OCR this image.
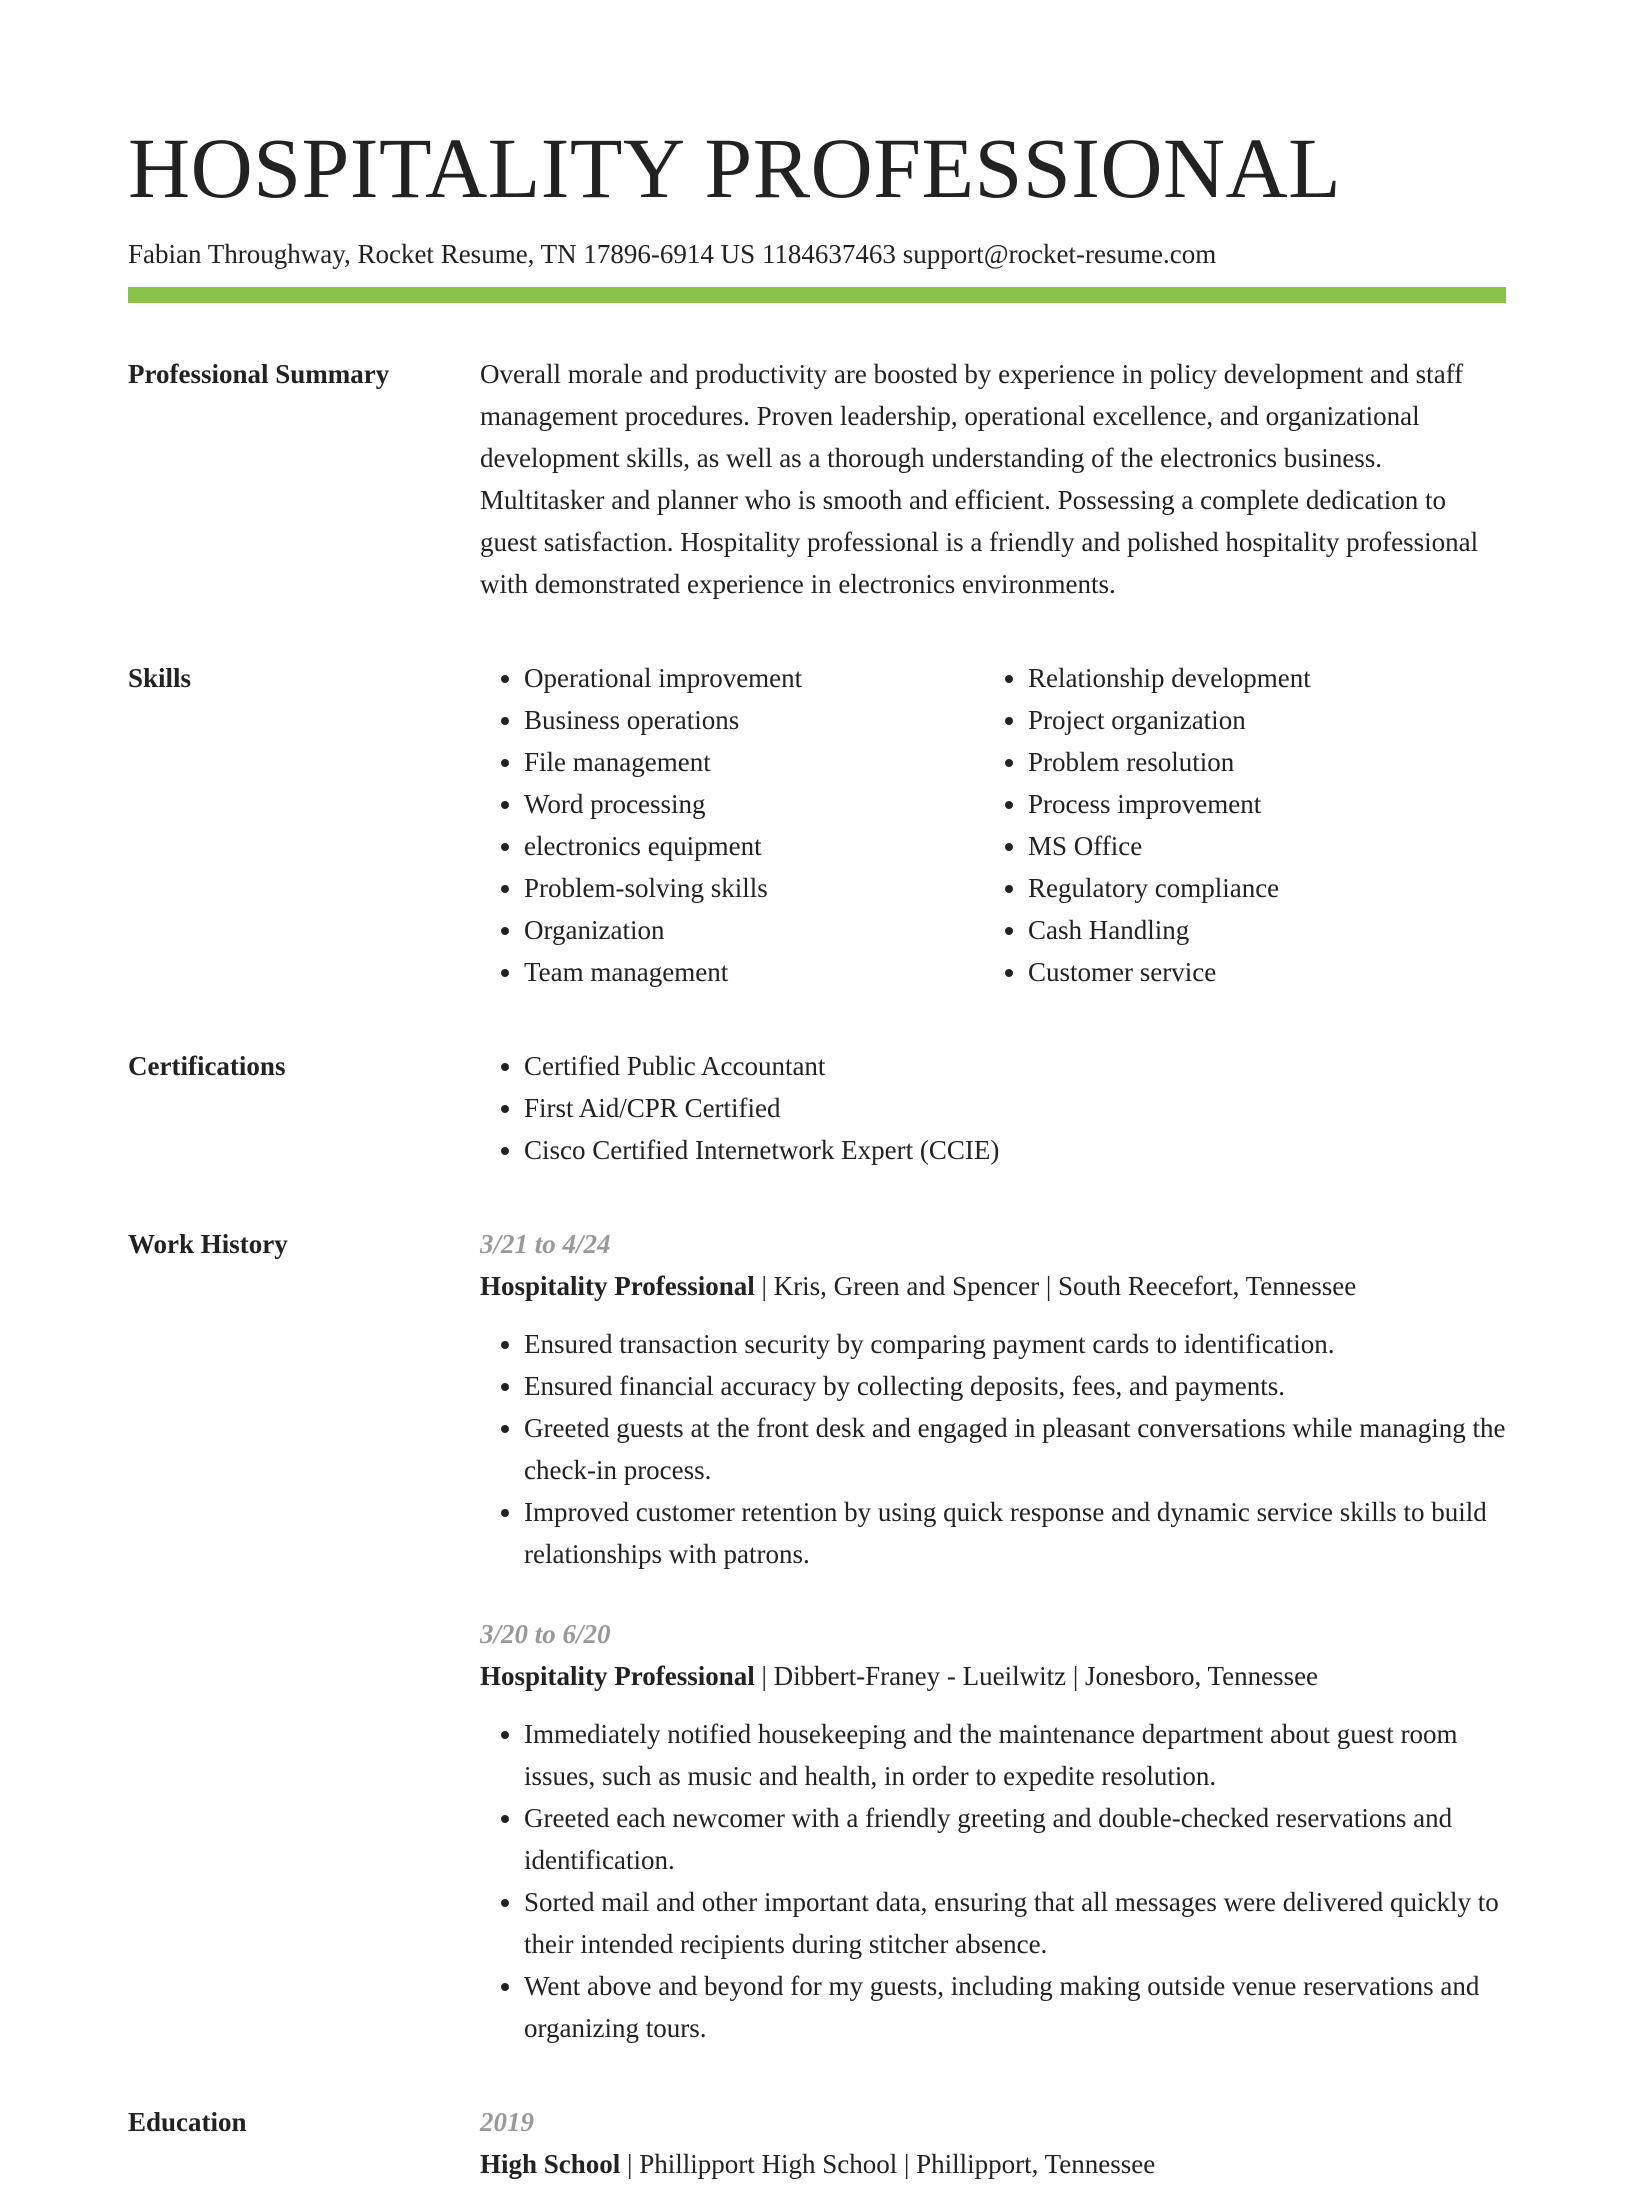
HOSPITALITY PROFESSIONAL
Fabian Throughway, Rocket Resume, TN 17896-6914 US 1184637463 support@rocket-resume.com
Professional Summary	Overall morale and productivity are boosted by experience in policy development and staff management procedures. Proven leadership, operational excellence, and organizational development skills, as well as a thorough understanding of the electronics business. Multitasker and planner who is smooth and efficient. Possessing a complete dedication to guest satisfaction. Hospitality professional is a friendly and polished hospitality professional with demonstrated experience in electronics environments.

Skills	• Operational improvement
• Business operations
• File management
• Word processing
• electronics equipment
• Problem-solving skills
• Organization
• Team management
• Relationship development
• Project organization
• Problem resolution
• Process improvement
• MS Office
• Regulatory compliance
• Cash Handling
• Customer service
Certifications	• Certified Public Accountant
• First Aid/CPR Certified
• Cisco Certified Internetwork Expert (CCIE)
Work History	3/21 to 4/24
Hospitality Professional | Kris, Green and Spencer | South Reecefort, Tennessee
• Ensured transaction security by comparing payment cards to identification.
• Ensured financial accuracy by collecting deposits, fees, and payments.
• Greeted guests at the front desk and engaged in pleasant conversations while managing the check-in process.
• Improved customer retention by using quick response and dynamic service skills to build relationships with patrons.
3/20 to 6/20
Hospitality Professional | Dibbert-Franey - Lueilwitz | Jonesboro, Tennessee
• Immediately notified housekeeping and the maintenance department about guest room issues, such as music and health, in order to expedite resolution.
• Greeted each newcomer with a friendly greeting and double-checked reservations and identification.
• Sorted mail and other important data, ensuring that all messages were delivered quickly to their intended recipients during stitcher absence.
• Went above and beyond for my guests, including making outside venue reservations and organizing tours.
Education	2019
High School | Phillipport High School | Phillipport, Tennessee
